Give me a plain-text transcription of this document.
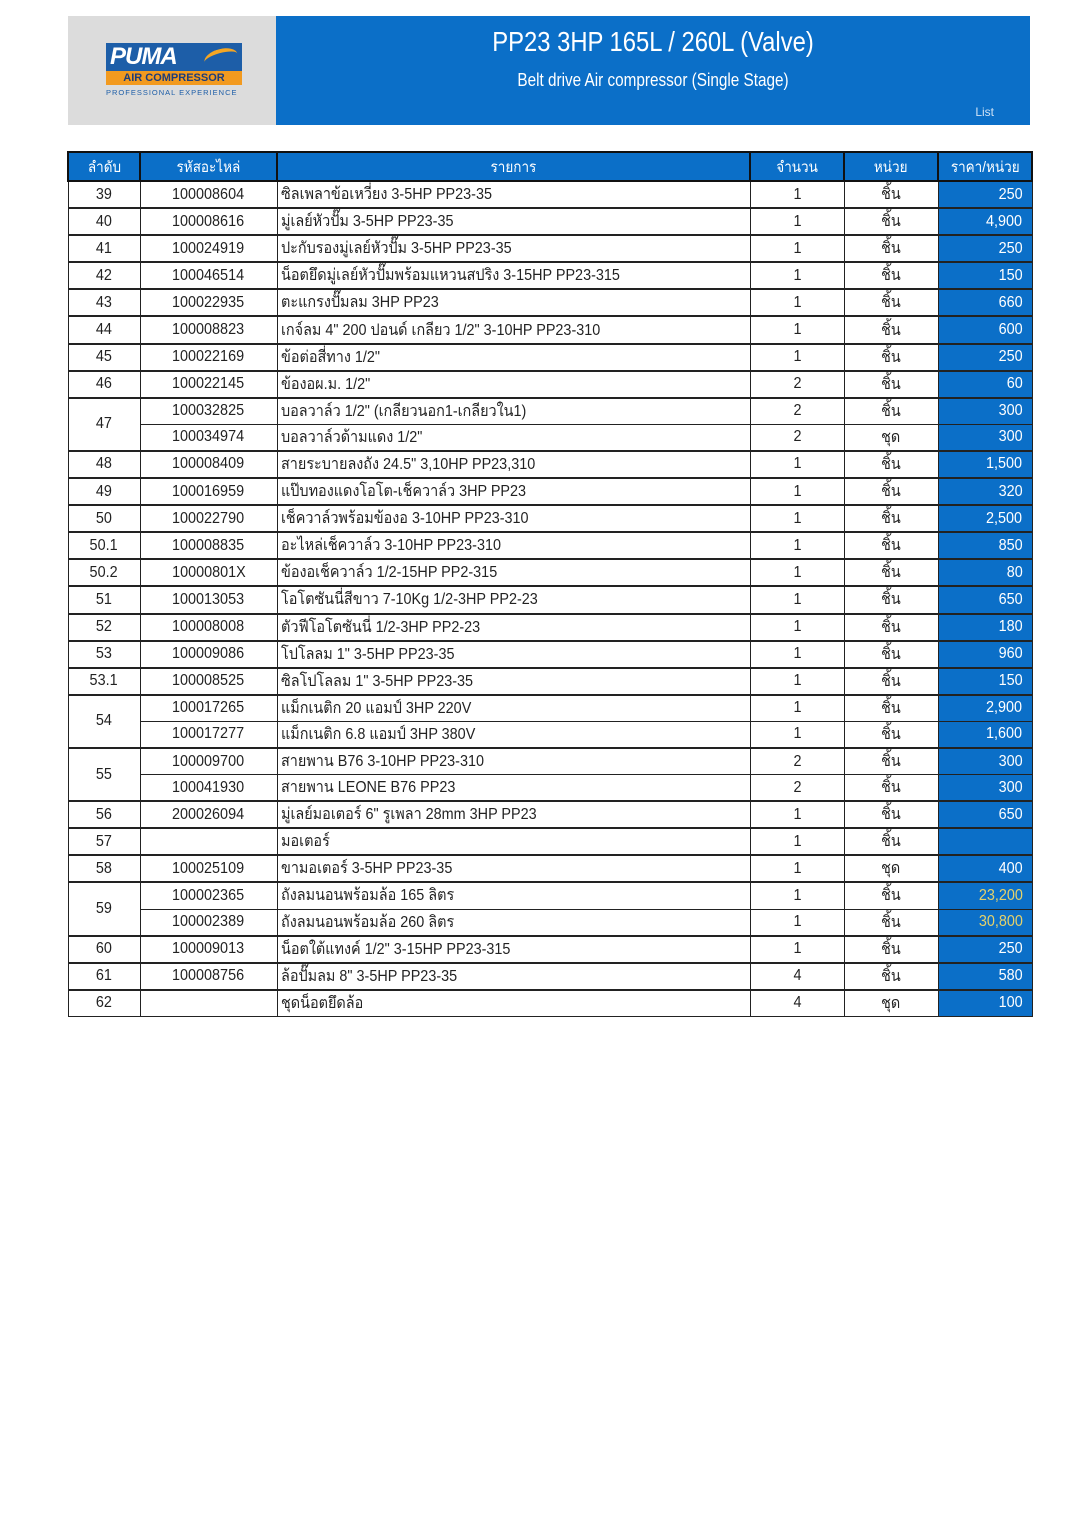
PUMA
AIR COMPRESSOR
PROFESSIONAL EXPERIENCE
PP23 3HP 165L / 260L (Valve)
Belt drive Air compressor (Single Stage)
List
ลำดับ	รหัสอะไหล่	รายการ	จำนวน	หน่วย	ราคา/หน่วย
39	100008604	ซิลเพลาข้อเหวี่ยง 3-5HP PP23-35	1	ชิ้น	250
40	100008616	มู่เลย์หัวปั๊ม 3-5HP PP23-35	1	ชิ้น	4,900
41	100024919	ปะกับรองมู่เลย์หัวปั๊ม 3-5HP PP23-35	1	ชิ้น	250
42	100046514	น็อตยึดมู่เลย์หัวปั๊มพร้อมแหวนสปริง 3-15HP PP23-315	1	ชิ้น	150
43	100022935	ตะแกรงปั๊มลม 3HP PP23	1	ชิ้น	660
44	100008823	เกจ์ลม 4" 200 ปอนด์ เกลียว 1/2" 3-10HP PP23-310	1	ชิ้น	600
45	100022169	ข้อต่อสี่ทาง 1/2"	1	ชิ้น	250
46	100022145	ข้องอผ.ม. 1/2"	2	ชิ้น	60
47	100032825	บอลวาล์ว 1/2" (เกลียวนอก1-เกลียวใน1)	2	ชิ้น	300
	100034974	บอลวาล์วด้ามแดง 1/2"	2	ชุด	300
48	100008409	สายระบายลงถัง 24.5" 3,10HP PP23,310	1	ชิ้น	1,500
49	100016959	แป๊บทองแดงโอโต-เช็ควาล์ว 3HP PP23	1	ชิ้น	320
50	100022790	เช็ควาล์วพร้อมข้องอ 3-10HP PP23-310	1	ชิ้น	2,500
50.1	100008835	อะไหล่เช็ควาล์ว 3-10HP PP23-310	1	ชิ้น	850
50.2	10000801X	ข้องอเช็ควาล์ว 1/2-15HP PP2-315	1	ชิ้น	80
51	100013053	โอโตซันนี่สีขาว 7-10Kg 1/2-3HP PP2-23	1	ชิ้น	650
52	100008008	ตัวฟีโอโตซันนี่ 1/2-3HP PP2-23	1	ชิ้น	180
53	100009086	โปโลลม 1" 3-5HP PP23-35	1	ชิ้น	960
53.1	100008525	ซิลโปโลลม 1" 3-5HP PP23-35	1	ชิ้น	150
54	100017265	แม็กเนติก 20 แอมป์ 3HP 220V	1	ชิ้น	2,900
	100017277	แม็กเนติก 6.8 แอมป์ 3HP 380V	1	ชิ้น	1,600
55	100009700	สายพาน B76 3-10HP PP23-310	2	ชิ้น	300
	100041930	สายพาน LEONE B76 PP23	2	ชิ้น	300
56	200026094	มู่เลย์มอเตอร์ 6" รูเพลา 28mm 3HP PP23	1	ชิ้น	650
57		มอเตอร์	1	ชิ้น	
58	100025109	ขามอเตอร์ 3-5HP PP23-35	1	ชุด	400
59	100002365	ถังลมนอนพร้อมล้อ 165 ลิตร	1	ชิ้น	23,200
	100002389	ถังลมนอนพร้อมล้อ 260 ลิตร	1	ชิ้น	30,800
60	100009013	น็อตใต้แทงค์ 1/2" 3-15HP PP23-315	1	ชิ้น	250
61	100008756	ล้อปั๊มลม 8" 3-5HP PP23-35	4	ชิ้น	580
62		ชุดน็อตยึดล้อ	4	ชุด	100
